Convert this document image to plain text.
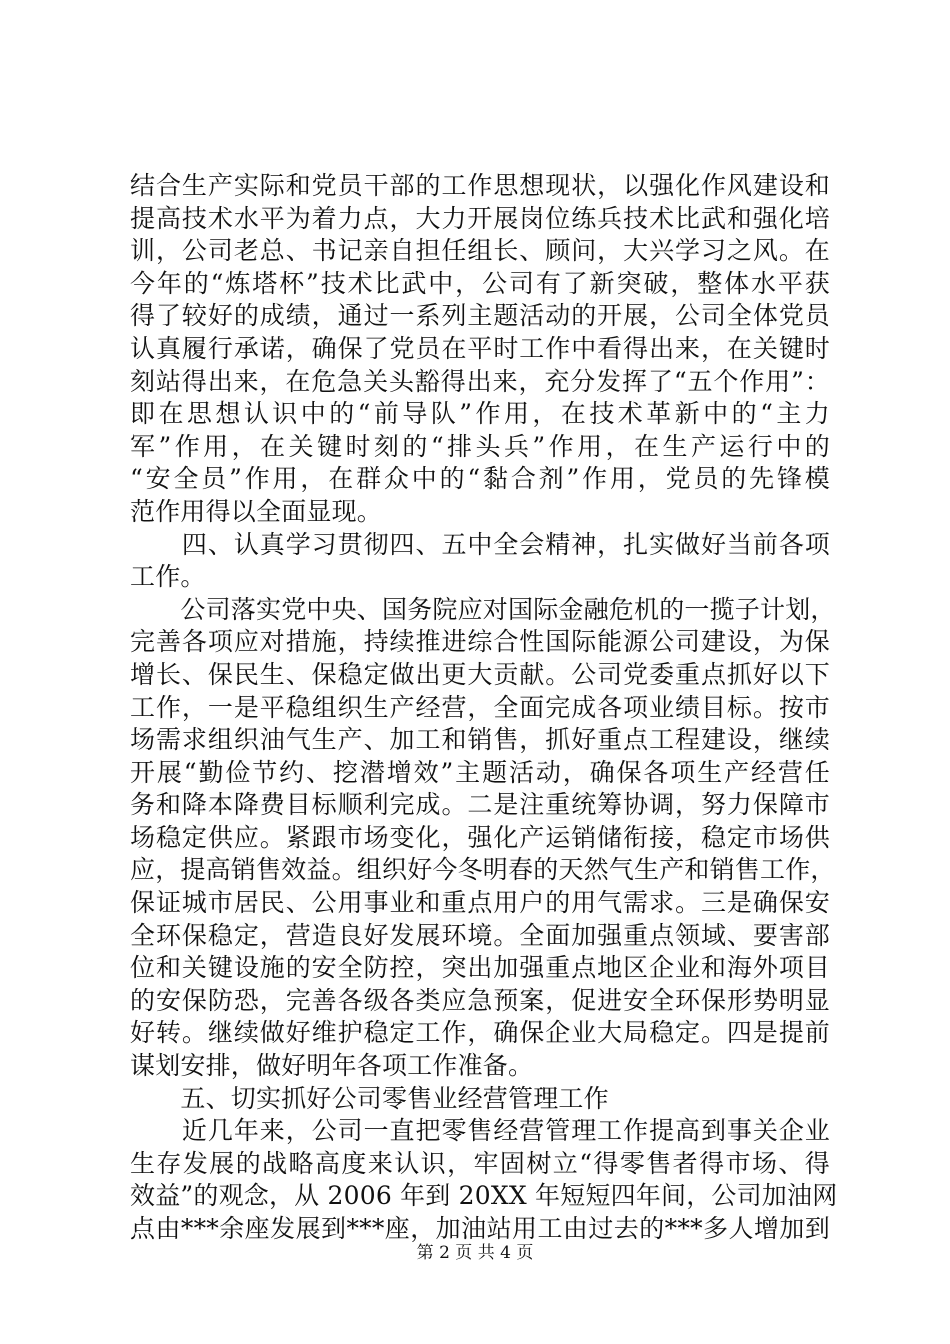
结合生产实际和党员干部的工作思想现状，以强化作风建设和
提高技术水平为着力点，大力开展岗位练兵技术比武和强化培
训，公司老总、书记亲自担任组长、顾问，大兴学习之风。在
今年的“炼塔杯”技术比武中，公司有了新突破，整体水平获
得了较好的成绩，通过一系列主题活动的开展，公司全体党员
认真履行承诺，确保了党员在平时工作中看得出来，在关键时
刻站得出来，在危急关头豁得出来，充分发挥了“五个作用”：
即在思想认识中的“前导队”作用，在技术革新中的“主力
军”作用，在关键时刻的“排头兵”作用，在生产运行中的
“安全员”作用，在群众中的“黏合剂”作用，党员的先锋模
范作用得以全面显现。
　　四、认真学习贯彻四、五中全会精神，扎实做好当前各项
工作。
　　公司落实党中央、国务院应对国际金融危机的一揽子计划，
完善各项应对措施，持续推进综合性国际能源公司建设，为保
增长、保民生、保稳定做出更大贡献。公司党委重点抓好以下
工作，一是平稳组织生产经营，全面完成各项业绩目标。按市
场需求组织油气生产、加工和销售，抓好重点工程建设，继续
开展“勤俭节约、挖潜增效”主题活动，确保各项生产经营任
务和降本降费目标顺利完成。二是注重统筹协调，努力保障市
场稳定供应。紧跟市场变化，强化产运销储衔接，稳定市场供
应，提高销售效益。组织好今冬明春的天然气生产和销售工作，
保证城市居民、公用事业和重点用户的用气需求。三是确保安
全环保稳定，营造良好发展环境。全面加强重点领域、要害部
位和关键设施的安全防控，突出加强重点地区企业和海外项目
的安保防恐，完善各级各类应急预案，促进安全环保形势明显
好转。继续做好维护稳定工作，确保企业大局稳定。四是提前
谋划安排，做好明年各项工作准备。
　　五、切实抓好公司零售业经营管理工作
　　近几年来，公司一直把零售经营管理工作提高到事关企业
生存发展的战略高度来认识，牢固树立“得零售者得市场、得
效益”的观念，从 2006 年到 20XX 年短短四年间，公司加油网
点由***余座发展到***座，加油站用工由过去的***多人增加到
第 2 页 共 4 页
